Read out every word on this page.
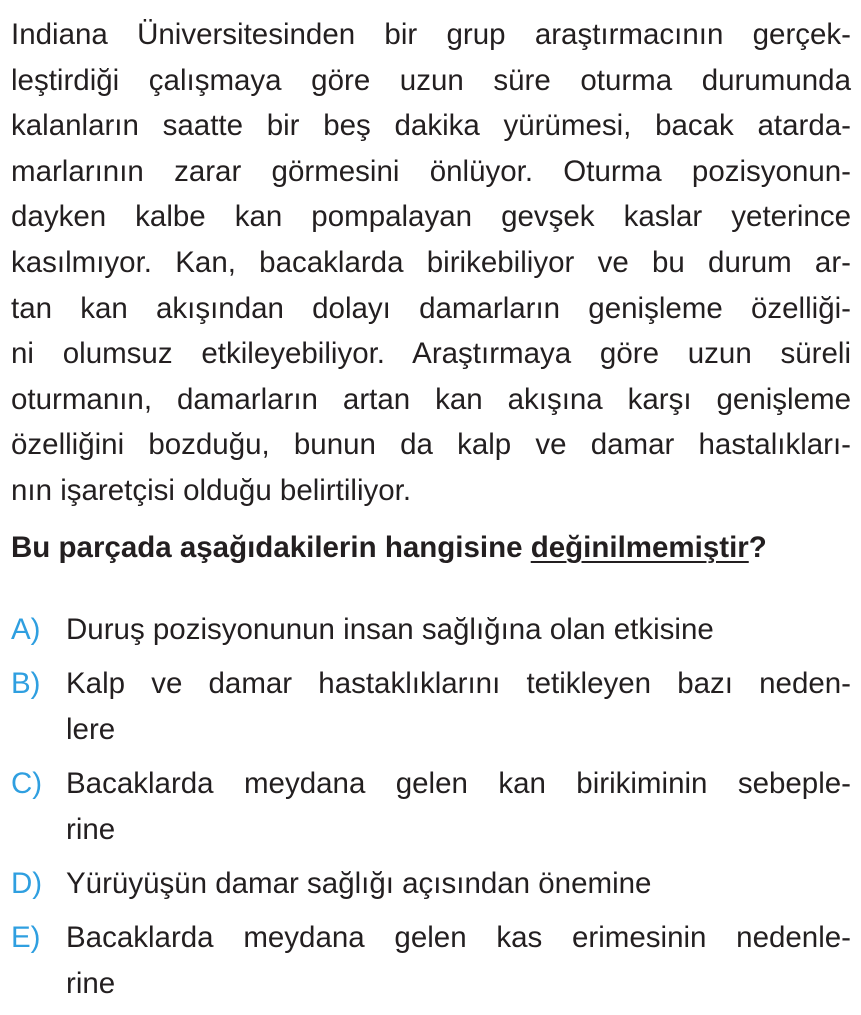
Indiana Üniversitesinden bir grup araştırmacının gerçek-
leştirdiği çalışmaya göre uzun süre oturma durumunda
kalanların saatte bir beş dakika yürümesi, bacak atarda-
marlarının zarar görmesini önlüyor. Oturma pozisyonun-
dayken kalbe kan pompalayan gevşek kaslar yeterince
kasılmıyor. Kan, bacaklarda birikebiliyor ve bu durum ar-
tan kan akışından dolayı damarların genişleme özelliği-
ni olumsuz etkileyebiliyor. Araştırmaya göre uzun süreli
oturmanın, damarların artan kan akışına karşı genişleme
özelliğini bozduğu, bunun da kalp ve damar hastalıkları-
nın işaretçisi olduğu belirtiliyor.

Bu parçada aşağıdakilerin hangisine değinilmemiştir?

A) Duruş pozisyonunun insan sağlığına olan etkisine
B) Kalp ve damar hastaklıklarını tetikleyen bazı neden-
lere
C) Bacaklarda meydana gelen kan birikiminin sebeple-
rine
D) Yürüyüşün damar sağlığı açısından önemine
E) Bacaklarda meydana gelen kas erimesinin nedenle-
rine
